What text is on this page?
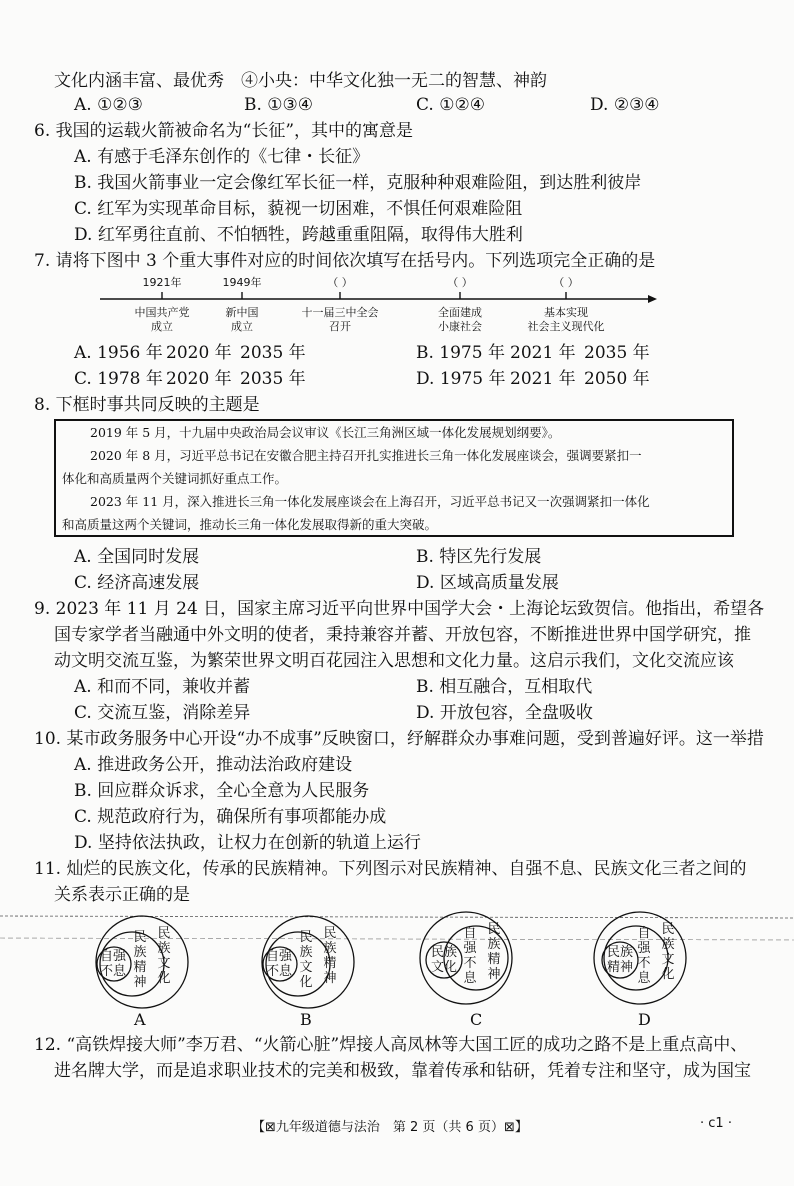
文化内涵丰富、最优秀　④小央：中华文化独一无二的智慧、神韵
A. ①②③	B. ①③④	C. ①②④	D. ②③④
6. 我国的运载火箭被命名为“长征”，其中的寓意是
A. 有感于毛泽东创作的《七律・长征》
B. 我国火箭事业一定会像红军长征一样，克服种种艰难险阻，到达胜利彼岸
C. 红军为实现革命目标，藐视一切困难，不惧任何艰难险阻
D. 红军勇往直前、不怕牺牲，跨越重重阻隔，取得伟大胜利
7. 请将下图中 3 个重大事件对应的时间依次填写在括号内。下列选项完全正确的是
1921年	1949年	（ ）	（ ）	（ ）
中国共产党
成立
新中国
成立
十一届三中全会
召开
全面建成
小康社会
基本实现
社会主义现代化
A. 1956 年 2020 年 2035 年	B. 1975 年 2021 年 2035 年
C. 1978 年 2020 年 2035 年	D. 1975 年 2021 年 2050 年
8. 下框时事共同反映的主题是
2019 年 5 月，十九届中央政治局会议审议《长江三角洲区域一体化发展规划纲要》。
2020 年 8 月，习近平总书记在安徽合肥主持召开扎实推进长三角一体化发展座谈会，强调要紧扣一
体化和高质量两个关键词抓好重点工作。
2023 年 11 月，深入推进长三角一体化发展座谈会在上海召开，习近平总书记又一次强调紧扣一体化
和高质量这两个关键词，推动长三角一体化发展取得新的重大突破。
A. 全国同时发展	B. 特区先行发展
C. 经济高速发展	D. 区域高质量发展
9. 2023 年 11 月 24 日，国家主席习近平向世界中国学大会・上海论坛致贺信。他指出，希望各
国专家学者当融通中外文明的使者，秉持兼容并蓄、开放包容，不断推进世界中国学研究，推
动文明交流互鉴，为繁荣世界文明百花园注入思想和文化力量。这启示我们，文化交流应该
A. 和而不同，兼收并蓄	B. 相互融合，互相取代
C. 交流互鉴，消除差异	D. 开放包容，全盘吸收
10. 某市政务服务中心开设“办不成事”反映窗口，纾解群众办事难问题，受到普遍好评。这一举措
A. 推进政务公开，推动法治政府建设
B. 回应群众诉求，全心全意为人民服务
C. 规范政府行为，确保所有事项都能办成
D. 坚持依法执政，让权力在创新的轨道上运行
11. 灿烂的民族文化，传承的民族精神。下列图示对民族精神、自强不息、民族文化三者之间的
关系表示正确的是
自强
不息
民
族
精
神
民
族
文
化
A
自强
不息
民
族
文
化
民
族
精
神
B
民族
文化
自
强
不
息
民
族
精
神
C
民族
精神
自
强
不
息
民
族
文
化
D
12. “高铁焊接大师”李万君、“火箭心脏”焊接人高凤林等大国工匠的成功之路不是上重点高中、
进名牌大学，而是追求职业技术的完美和极致，靠着传承和钻研，凭着专注和坚守，成为国宝
【⊠九年级道德与法治　第 2 页（共 6 页）⊠】	· c1 ·
